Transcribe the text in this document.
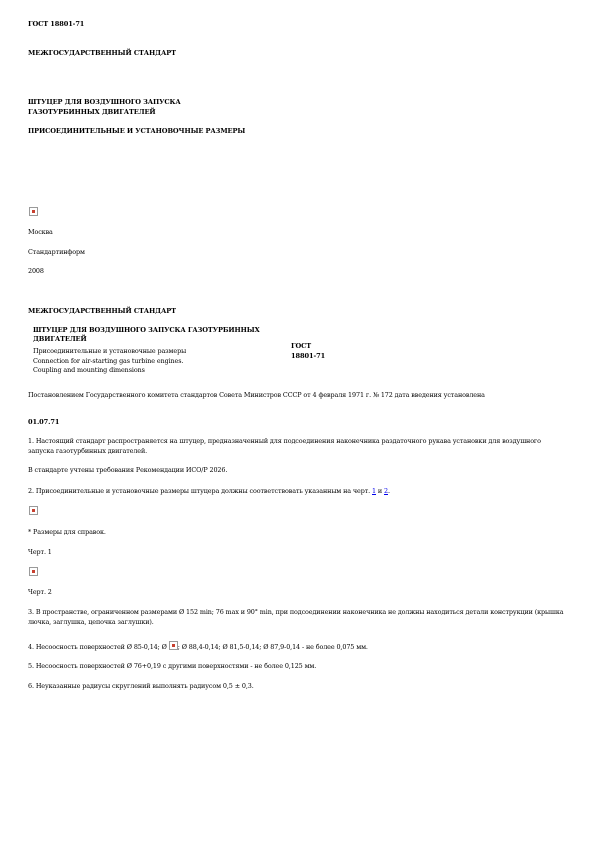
ГОСТ 18801-71
МЕЖГОСУДАРСТВЕННЫЙ СТАНДАРТ
ШТУЦЕР ДЛЯ ВОЗДУШНОГО ЗАПУСКА
ГАЗОТУРБИННЫХ ДВИГАТЕЛЕЙ
ПРИСОЕДИНИТЕЛЬНЫЕ И УСТАНОВОЧНЫЕ РАЗМЕРЫ
Москва
Стандартинформ
2008
МЕЖГОСУДАРСТВЕННЫЙ СТАНДАРТ
ШТУЦЕР ДЛЯ ВОЗДУШНОГО ЗАПУСКА ГАЗОТУРБИННЫХ ДВИГАТЕЛЕЙ
Присоединительные и установочные размеры
Connection for air-starting gas turbine engines.
Coupling and mounting dimensions
ГОСТ
18801-71
Постановлением Государственного комитета стандартов Совета Министров СССР от 4 февраля 1971 г. № 172 дата введения установлена
01.07.71
1. Настоящий стандарт распространяется на штуцер, предназначенный для подсоединения наконечника раздаточного рукава установки для воздушного запуска газотурбинных двигателей.
В стандарте учтены требования Рекомендации ИСО/Р 2026.
2. Присоединительные и установочные размеры штуцера должны соответствовать указанным на черт. 1 и 2.
* Размеры для справок.
Черт. 1
Черт. 2
3. В пространстве, ограниченном размерами Ø 152 min; 76 max и 90° min, при подсоединении наконечника не должны находиться детали конструкции (крышка лючка, заглушка, цепочка заглушки).
4. Несоосность поверхностей Ø 85-0,14; Ø ; Ø 88,4-0,14; Ø 81,5-0,14; Ø 87,9-0,14 - не более 0,075 мм.
5. Несоосность поверхностей Ø 76+0,19 с другими поверхностями - не более 0,125 мм.
6. Неуказанные радиусы скруглений выполнять радиусом 0,5 ± 0,3.
